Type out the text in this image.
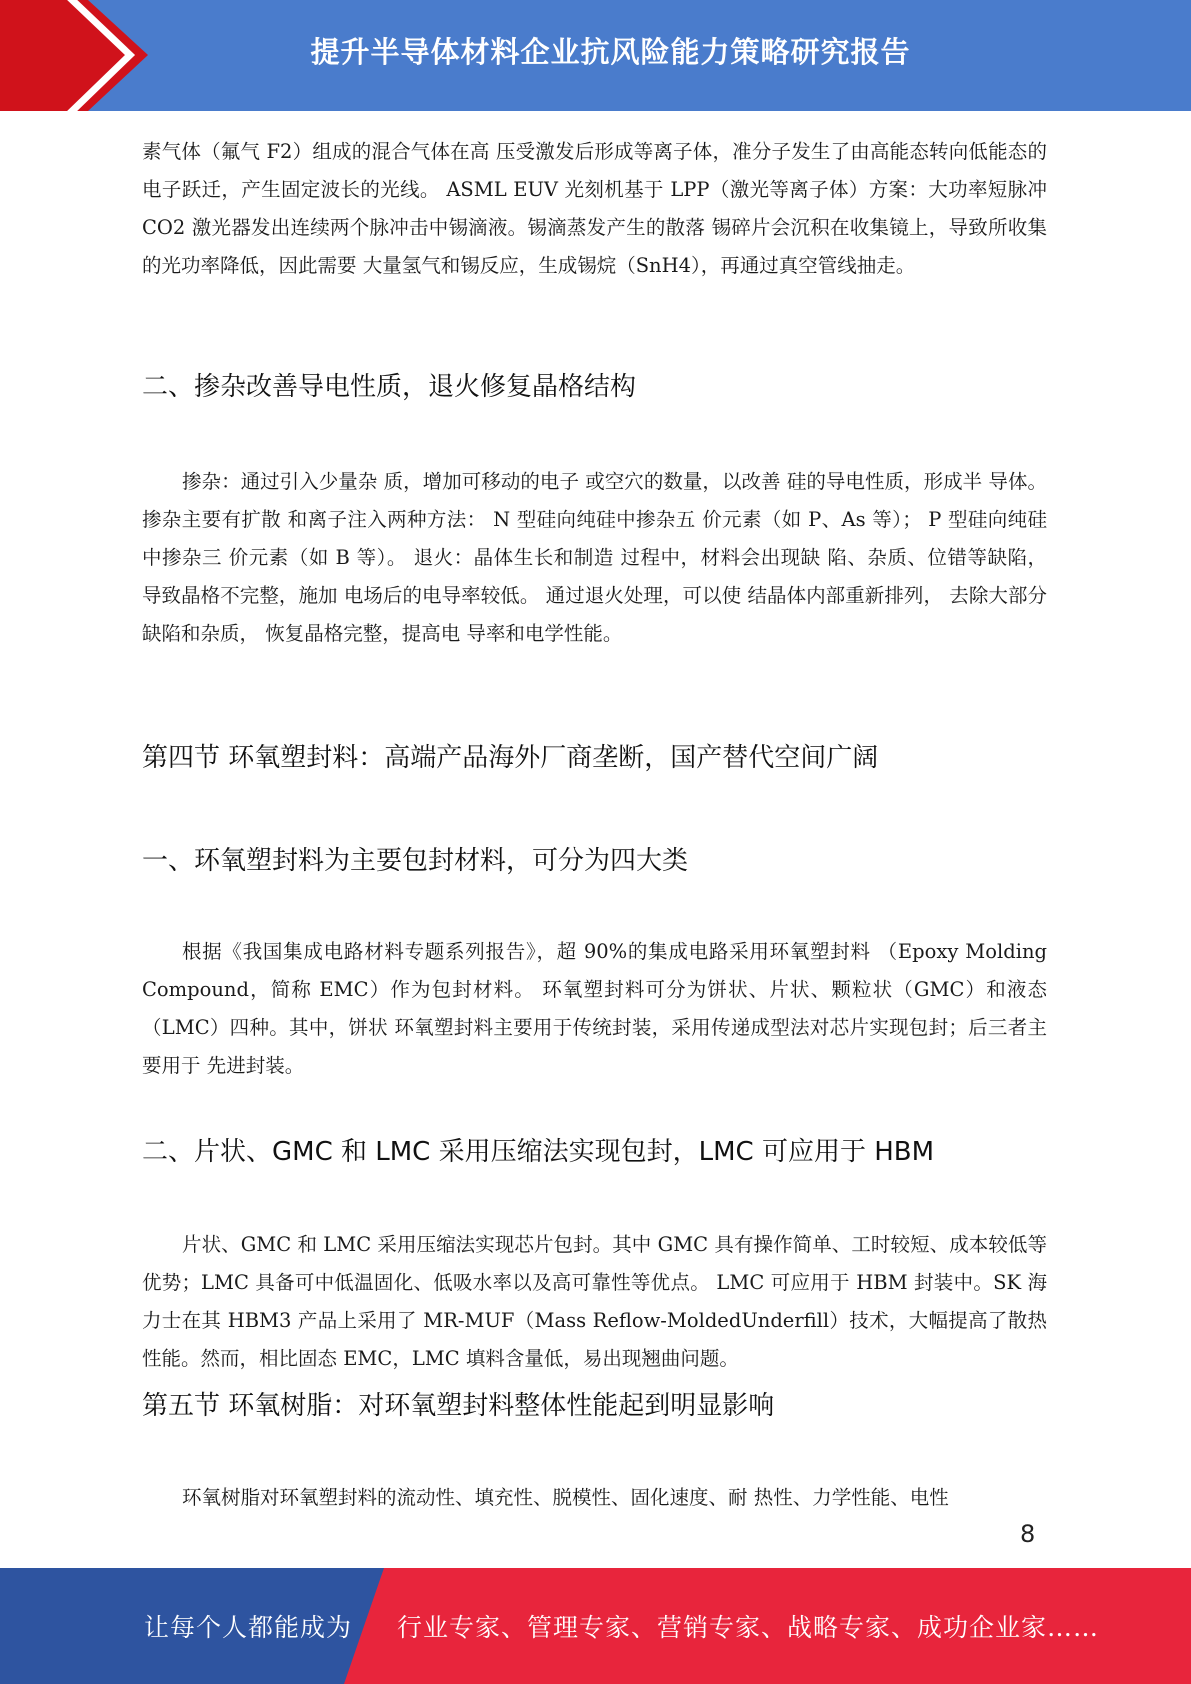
提升半导体材料企业抗风险能力策略研究报告

素气体（氟气 F2）组成的混合气体在高 压受激发后形成等离子体，准分子发生了由高能态转向低能态的 电子跃迁，产生固定波长的光线。 ASML EUV 光刻机基于 LPP（激光等离子体）方案：大功率短脉冲 CO2 激光器发出连续两个脉冲击中锡滴液。锡滴蒸发产生的散落 锡碎片会沉积在收集镜上，导致所收集的光功率降低，因此需要 大量氢气和锡反应，生成锡烷（SnH4），再通过真空管线抽走。

二、掺杂改善导电性质，退火修复晶格结构

掺杂：通过引入少量杂 质，增加可移动的电子 或空穴的数量，以改善 硅的导电性质，形成半 导体。掺杂主要有扩散 和离子注入两种方法： N 型硅向纯硅中掺杂五 价元素（如 P、As 等）； P 型硅向纯硅中掺杂三 价元素（如 B 等）。 退火：晶体生长和制造 过程中，材料会出现缺 陷、杂质、位错等缺陷， 导致晶格不完整，施加 电场后的电导率较低。 通过退火处理，可以使 结晶体内部重新排列， 去除大部分缺陷和杂质， 恢复晶格完整，提高电 导率和电学性能。

第四节 环氧塑封料：高端产品海外厂商垄断，国产替代空间广阔
一、环氧塑封料为主要包封材料，可分为四大类

根据《我国集成电路材料专题系列报告》，超 90%的集成电路采用环氧塑封料 （Epoxy Molding Compound，简称 EMC）作为包封材料。 环氧塑封料可分为饼状、片状、颗粒状（GMC）和液态（LMC）四种。其中，饼状 环氧塑封料主要用于传统封装，采用传递成型法对芯片实现包封；后三者主要用于 先进封装。

二、片状、GMC 和 LMC 采用压缩法实现包封，LMC 可应用于 HBM

片状、GMC 和 LMC 采用压缩法实现芯片包封。其中 GMC 具有操作简单、工时较短、成本较低等优势；LMC 具备可中低温固化、低吸水率以及高可靠性等优点。 LMC 可应用于 HBM 封装中。SK 海力士在其 HBM3 产品上采用了 MR-MUF（Mass Reflow-MoldedUnderfill）技术，大幅提高了散热性能。然而，相比固态 EMC，LMC 填料含量低，易出现翘曲问题。

第五节 环氧树脂：对环氧塑封料整体性能起到明显影响

环氧树脂对环氧塑封料的流动性、填充性、脱模性、固化速度、耐 热性、力学性能、电性

8
让每个人都能成为 行业专家、管理专家、营销专家、战略专家、成功企业家……
